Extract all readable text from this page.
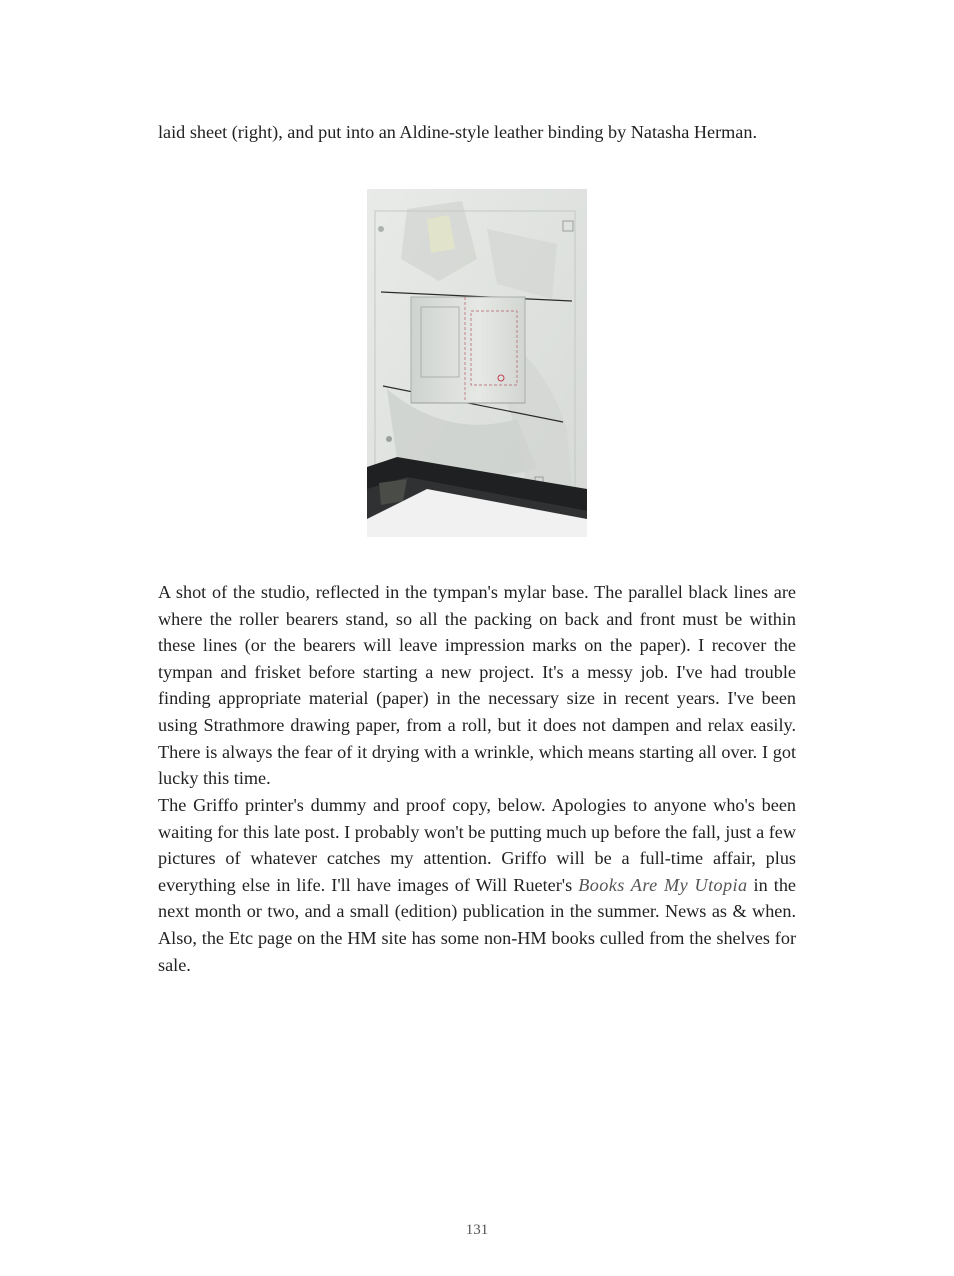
laid sheet (right), and put into an Aldine-style leather binding by Natasha Herman.

A shot of the studio, reflected in the tympan's mylar base. The parallel black lines are where the roller bearers stand, so all the packing on back and front must be within these lines (or the bearers will leave impression marks on the paper). I recover the tympan and frisket before starting a new project. It's a messy job. I've had trouble finding appropriate material (paper) in the necessary size in recent years. I've been using Strathmore drawing paper, from a roll, but it does not dampen and relax easily. There is always the fear of it drying with a wrinkle, which means starting all over. I got lucky this time.

The Griffo printer's dummy and proof copy, below. Apologies to anyone who's been waiting for this late post. I probably won't be putting much up before the fall, just a few pictures of whatever catches my attention. Griffo will be a full-time affair, plus everything else in life. I'll have images of Will Rueter's Books Are My Utopia in the next month or two, and a small (edition) publication in the summer. News as & when. Also, the Etc page on the HM site has some non-HM books culled from the shelves for sale.

131
